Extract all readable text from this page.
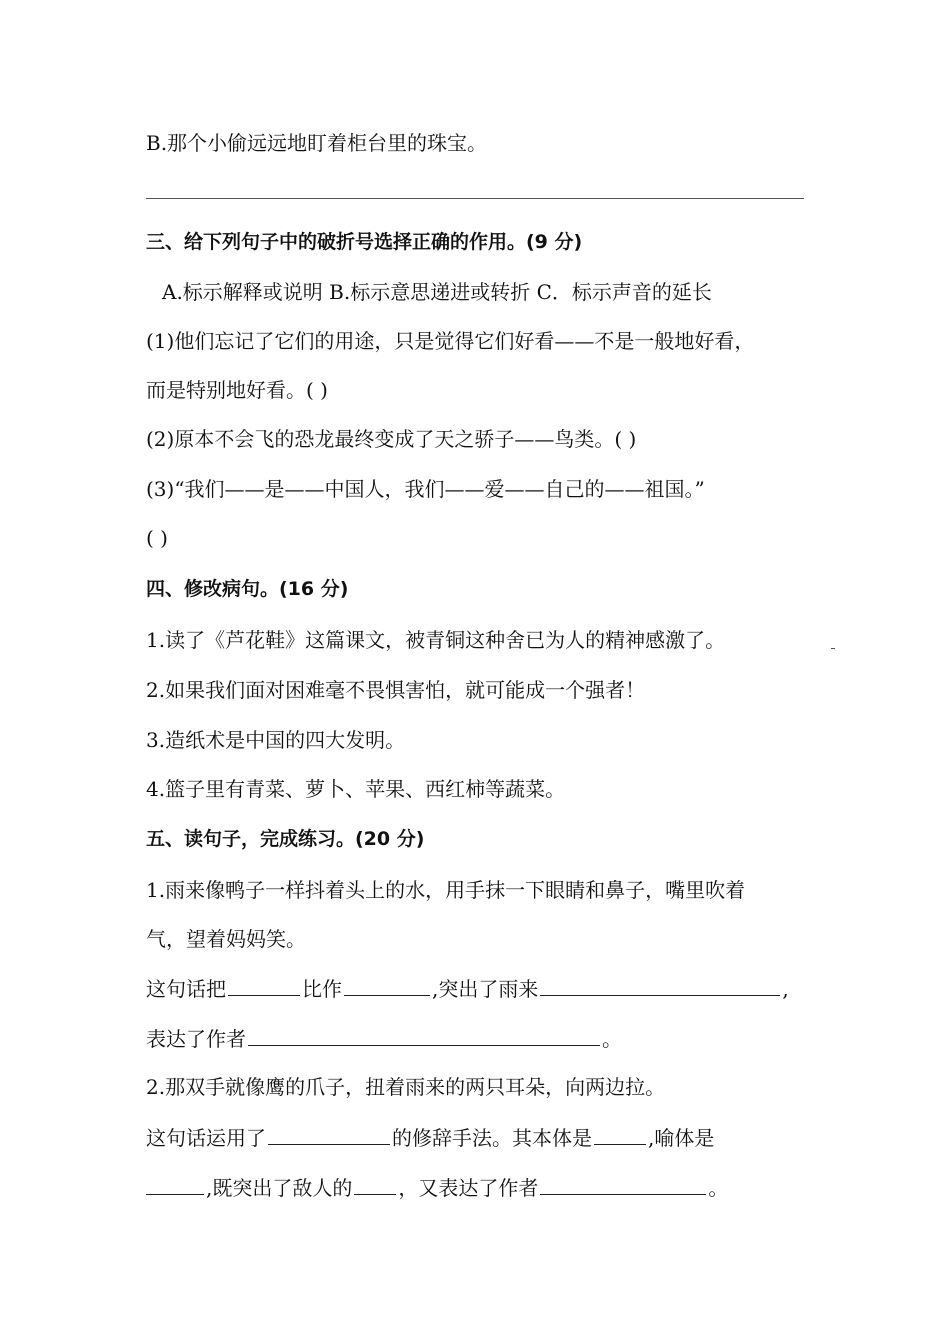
B.那个小偷远远地盯着柜台里的珠宝。
三、给下列句子中的破折号选择正确的作用。(9 分)
A.标示解释或说明 B.标示意思递进或转折 C．标示声音的延长
(1)他们忘记了它们的用途，只是觉得它们好看——不是一般地好看，
而是特别地好看。( )
(2)原本不会飞的恐龙最终变成了天之骄子——鸟类。( )
(3)“我们——是——中国人，我们——爱——自己的——祖国。”
( )
四、修改病句。(16 分)
1.读了《芦花鞋》这篇课文，被青铜这种舍已为人的精神感激了。
2.如果我们面对困难毫不畏惧害怕，就可能成一个强者！
3.造纸术是中国的四大发明。
4.篮子里有青菜、萝卜、苹果、西红柿等蔬菜。
五、读句子，完成练习。(20 分)
1.雨来像鸭子一样抖着头上的水，用手抹一下眼睛和鼻子，嘴里吹着
气，望着妈妈笑。
这句话把	比作	,突出了雨来	,
表达了作者	。
2.那双手就像鹰的爪子，扭着雨来的两只耳朵，向两边拉。
这句话运用了	的修辞手法。其本体是	,喻体是
,既突出了敌人的 ，又表达了作者	。
